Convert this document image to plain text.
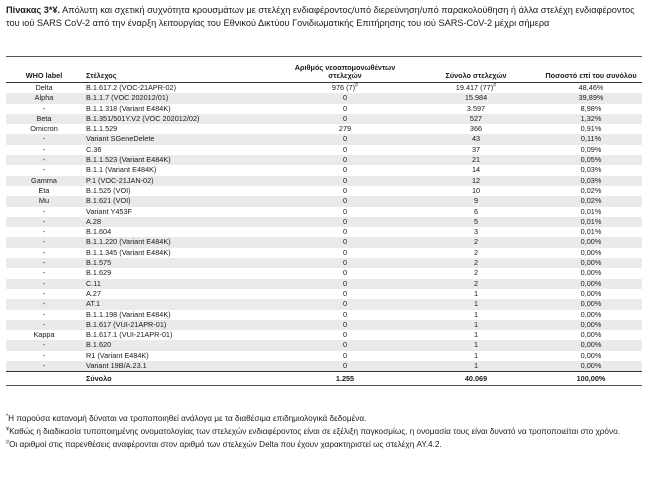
Πίνακας 3*¥. Απόλυτη και σχετική συχνότητα κρουσμάτων με στελέχη ενδιαφέροντος/υπό διερεύνηση/υπό παρακολούθηση ή άλλα στελέχη ενδιαφέροντος του ιού SARS CoV-2 από την έναρξη λειτουργίας του Εθνικού Δικτύου Γονιδιωματικής Επιτήρησης του ιού SARS-CoV-2 μέχρι σήμερα
WHO label	Στέλεχος	Αριθμός νεοαπομονωθέντων στελεχών	Σύνολο στελεχών	Ποσοστό επί του συνόλου
Delta	B.1.617.2 (VOC-21APR-02)	976 (7)#	19.417 (77)#	48,46%
Alpha	B.1.1.7 (VOC 202012/01)	0	15.984	39,89%
-	B.1.1.318 (Variant E484K)	0	3.597	8,98%
Beta	B.1.351/501Y.V2 (VOC 202012/02)	0	527	1,32%
Omicron	B.1.1.529	279	366	0,91%
-	Variant SGeneDelete	0	43	0,11%
-	C.36	0	37	0,09%
-	B.1.1.523 (Variant E484K)	0	21	0,05%
-	B.1.1 (Variant E484K)	0	14	0,03%
Gamma	P.1 (VOC-21JAN-02)	0	12	0,03%
Eta	B.1.525 (VOI)	0	10	0,02%
Mu	B.1.621 (VOI)	0	9	0,02%
-	Variant Y453F	0	6	0,01%
-	A.28	0	5	0,01%
-	B.1.604	0	3	0,01%
-	B.1.1.220 (Variant E484K)	0	2	0,00%
-	B.1.1.345 (Variant E484K)	0	2	0,00%
-	B.1.575	0	2	0,00%
-	B.1.629	0	2	0,00%
-	C.11	0	2	0,00%
-	A.27	0	1	0,00%
-	AT.1	0	1	0,00%
-	B.1.1.198 (Variant E484K)	0	1	0,00%
-	B.1.617 (VUI-21APR-01)	0	1	0,00%
Kappa	B.1.617.1 (VUI-21APR-01)	0	1	0,00%
-	B.1.620	0	1	0,00%
-	R1 (Variant E484K)	0	1	0,00%
-	Variant 19B/A.23.1	0	1	0,00%
	Σύνολο	1.255	40.069	100,00%

*Η παρούσα κατανομή δύναται να τροποποιηθεί ανάλογα με τα διαθέσιμα επιδημιολογικά δεδομένα.

¥Καθώς η διαδικασία τυποποιημένης ονοματολογίας των στελεχών ενδιαφέροντος είναι σε εξέλιξη παγκοσμίως, η ονομασία τους είναι δυνατό να τροποποιείται στο χρόνο.

#Οι αριθμοί στις παρενθέσεις αναφέρονται στον αριθμό των στελεχών Delta που έχουν χαρακτηριστεί ως στελέχη AY.4.2.
